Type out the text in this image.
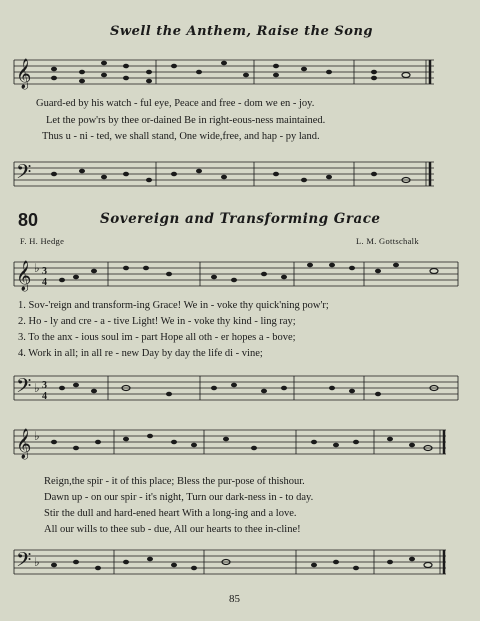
Swell the Anthem, Raise the Song
𝄞
Guard-ed by his watch - ful eye, Peace and free - dom we en - joy.
Let the pow'rs by thee or-dained Be in right-eous-ness maintained.
Thus u - ni - ted, we shall stand, One wide,free, and hap - py land.
𝄢
80	Sovereign and Transforming Grace
F. H. Hedge	L. M. Gottschalk
𝄞 ♭ 3
4
1. Sov-'reign and transform-ing Grace! We in - voke thy quick'ning pow'r;
2. Ho - ly and cre - a - tive Light! We in - voke thy kind - ling ray;
3. To the anx - ious soul im - part Hope all oth - er hopes a - bove;
4. Work in all; in all re - new Day by day the life di - vine;
𝄢 ♭ 3
4
𝄞 ♭
Reign,the spir - it of this place; Bless the pur-pose of thishour.
Dawn up - on our spir - it's night, Turn our dark-ness in - to day.
Stir the dull and hard-ened heart With a long-ing and a love.
All our wills to thee sub - due, All our hearts to thee in-cline!
𝄢 ♭
85
